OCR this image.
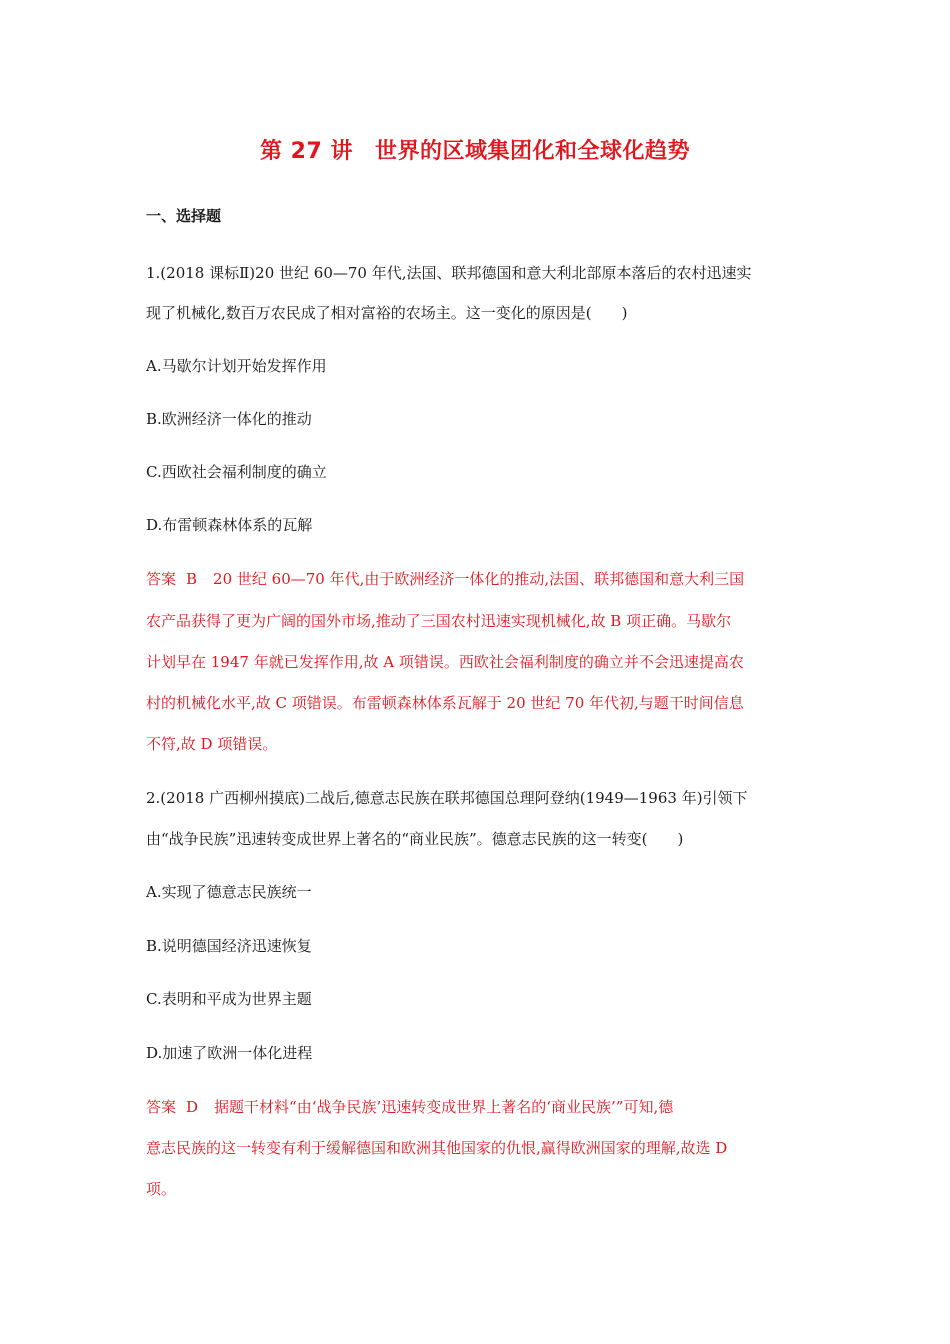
第 27 讲 世界的区域集团化和全球化趋势
一、选择题
1.(2018 课标Ⅱ)20 世纪 60—70 年代,法国、联邦德国和意大利北部原本落后的农村迅速实
现了机械化,数百万农民成了相对富裕的农场主。这一变化的原因是(　　)
A.马歇尔计划开始发挥作用
B.欧洲经济一体化的推动
C.西欧社会福利制度的确立
D.布雷顿森林体系的瓦解
答案 B 20 世纪 60—70 年代,由于欧洲经济一体化的推动,法国、联邦德国和意大利三国
农产品获得了更为广阔的国外市场,推动了三国农村迅速实现机械化,故 B 项正确。马歇尔
计划早在 1947 年就已发挥作用,故 A 项错误。西欧社会福利制度的确立并不会迅速提高农
村的机械化水平,故 C 项错误。布雷顿森林体系瓦解于 20 世纪 70 年代初,与题干时间信息
不符,故 D 项错误。
2.(2018 广西柳州摸底)二战后,德意志民族在联邦德国总理阿登纳(1949—1963 年)引领下
由“战争民族”迅速转变成世界上著名的“商业民族”。德意志民族的这一转变(　　)
A.实现了德意志民族统一
B.说明德国经济迅速恢复
C.表明和平成为世界主题
D.加速了欧洲一体化进程
答案 D 据题干材料“由‘战争民族’迅速转变成世界上著名的‘商业民族’”可知,德
意志民族的这一转变有利于缓解德国和欧洲其他国家的仇恨,赢得欧洲国家的理解,故选 D
项。
